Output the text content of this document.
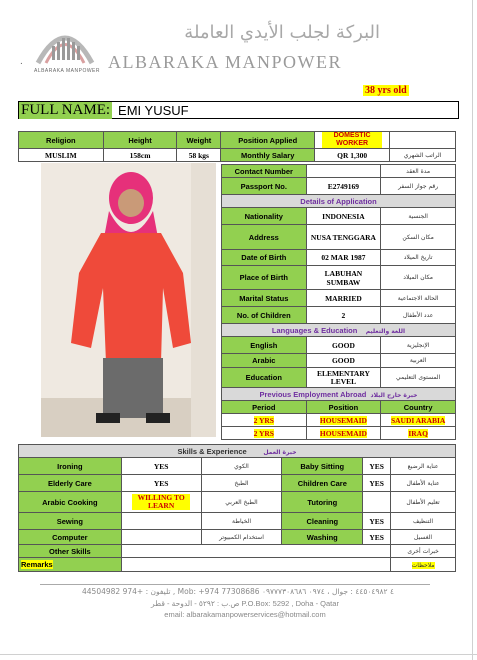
ALBARAKA MANPOWER
.
البركة لجلب الأيدي العاملة
ALBARAKA MANPOWER
38 yrs old
FULL NAME: EMI YUSUF
Religion	Height	Weight	Position Applied	DOMESTIC WORKER	
MUSLIM	158cm	58 kgs	Monthly Salary	QR 1,300	الراتب الشهري
Contact Number		مدة العقد
Passport No.	E2749169	رقم جواز السفر
Details of Application		
Nationality	INDONESIA	الجنسية
Address	NUSA TENGGARA	مكان السكن
Date of Birth	02 MAR 1987	تاريخ الميلاد
Place of Birth	LABUHAN SUMBAW	مكان الميلاد
Marital Status	MARRIED	الحالة الاجتماعية
No. of Children	2	عدد الأطفال
Languages & Education اللغة والتعليم		
English	GOOD	الإنجليزية
Arabic	GOOD	العربية
Education	ELEMENTARY LEVEL	المستوى التعليمي
Previous Employment Abroad خبرة خارج البلاد		
Period	Position	Country
2 YRS	HOUSEMAID	SAUDI ARABIA
2 YRS	HOUSEMAID	IRAQ
Skills & Experience خبرة العمل					
Ironing	YES	الكوي	Baby Sitting	YES	عناية الرضيع
Elderly Care	YES	الطبخ	Children Care	YES	عناية الأطفال
Arabic Cooking	WILLING TO LEARN	الطبخ العربي	Tutoring		تعليم الأطفال
Sewing		الخياطة	Cleaning	YES	التنظيف
Computer		استخدام الكمبيوتر	Washing	YES	الغسيل
Other Skills					خبرات أخرى
Remarks					ملاحظات
تليفون : +974 44504982 , Mob: +974 77308686 ۰۹۷٤ ٤٤٥٠٤٩٨٢ : جوال ، ۰۹۷٤ ٧٧٣٠٨٦٨٦
ص.ب : ٥٢٩٢ - الدوحة - قطر P.O.Box: 5292 , Doha - Qatar
email: albarakamanpowerservices@hotmail.com
